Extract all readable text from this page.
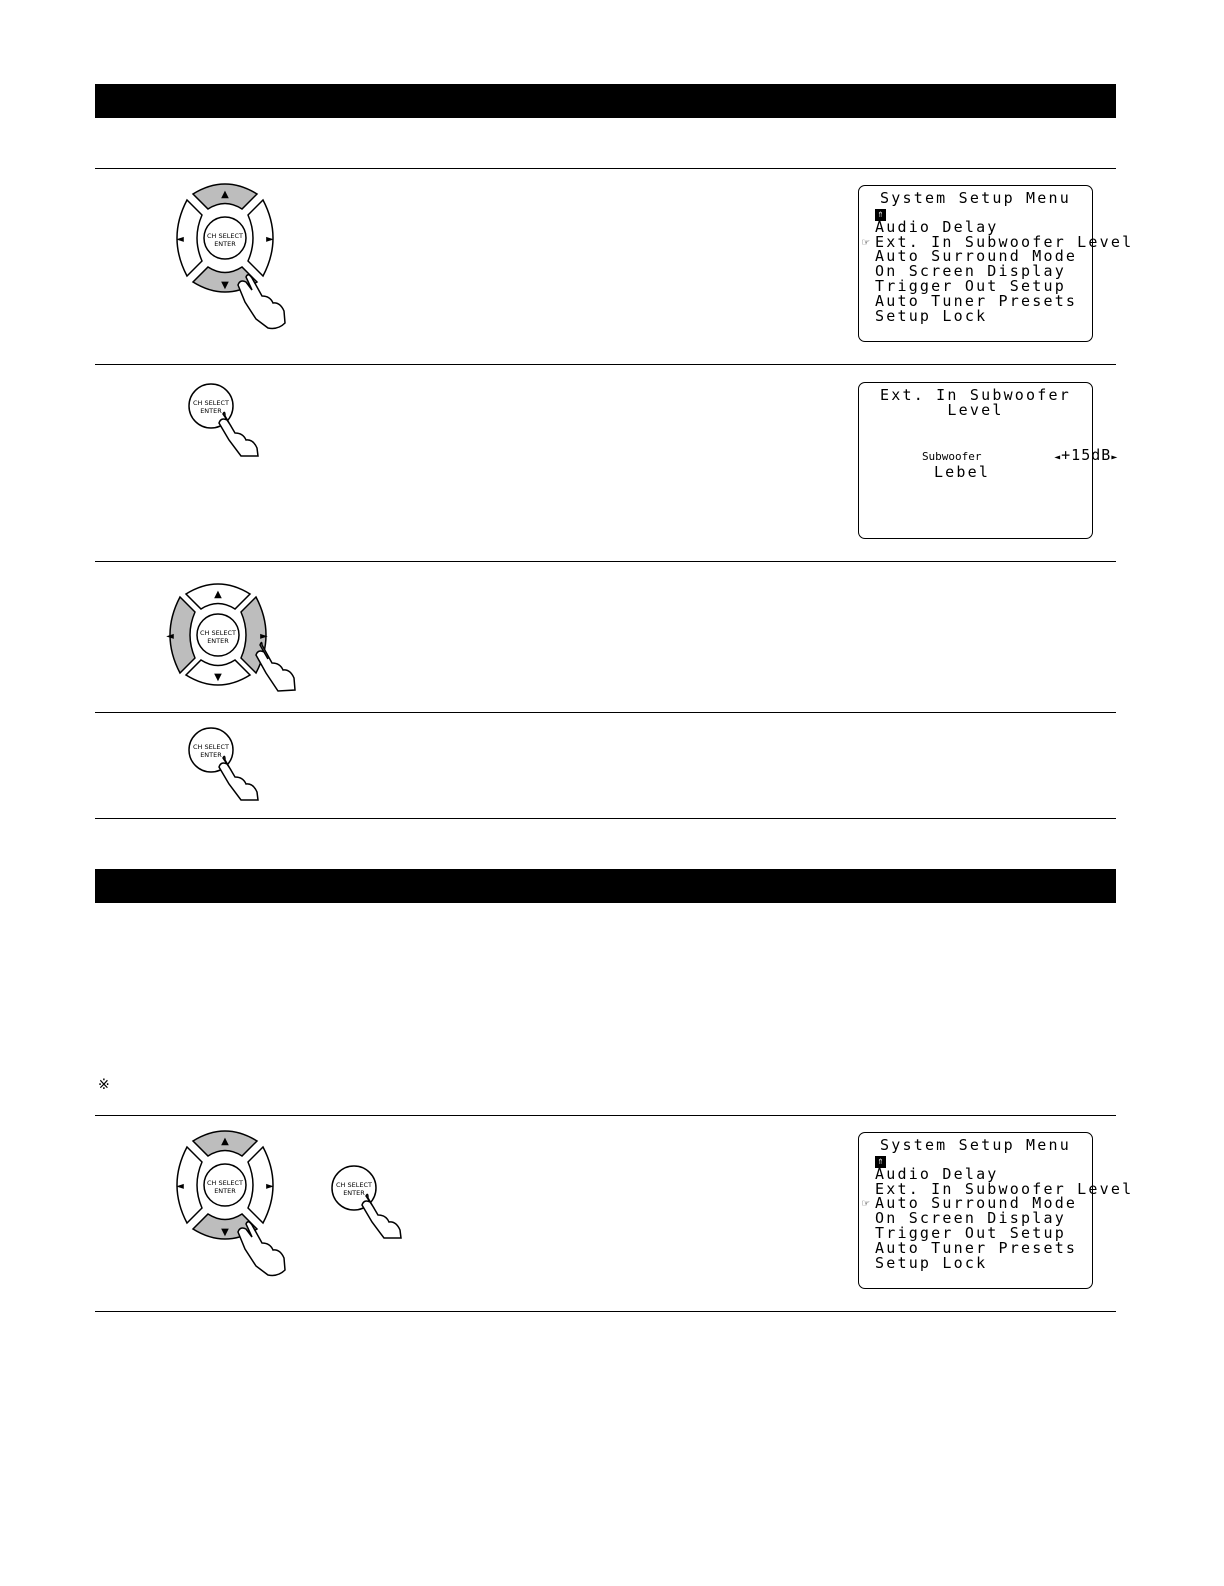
▲
▼
◄	►
CH SELECT
ENTER
System Setup Menu
⇑
Audio Delay
☞ Ext. In Subwoofer Level
Auto Surround Mode
On Screen Display
Trigger Out Setup
Auto Tuner Presets
Setup Lock
CH SELECT
ENTER
Ext. In Subwoofer Level

Subwoofer
Lebel

◄+15dB►

▲
▼
◄	►
CH SELECT
ENTER
CH SELECT
ENTER
※
▲
▼
◄	►
CH SELECT
ENTER
CH SELECT
ENTER
System Setup Menu
⇑
Audio Delay
Ext. In Subwoofer Level
☞ Auto Surround Mode
On Screen Display
Trigger Out Setup
Auto Tuner Presets
Setup Lock
